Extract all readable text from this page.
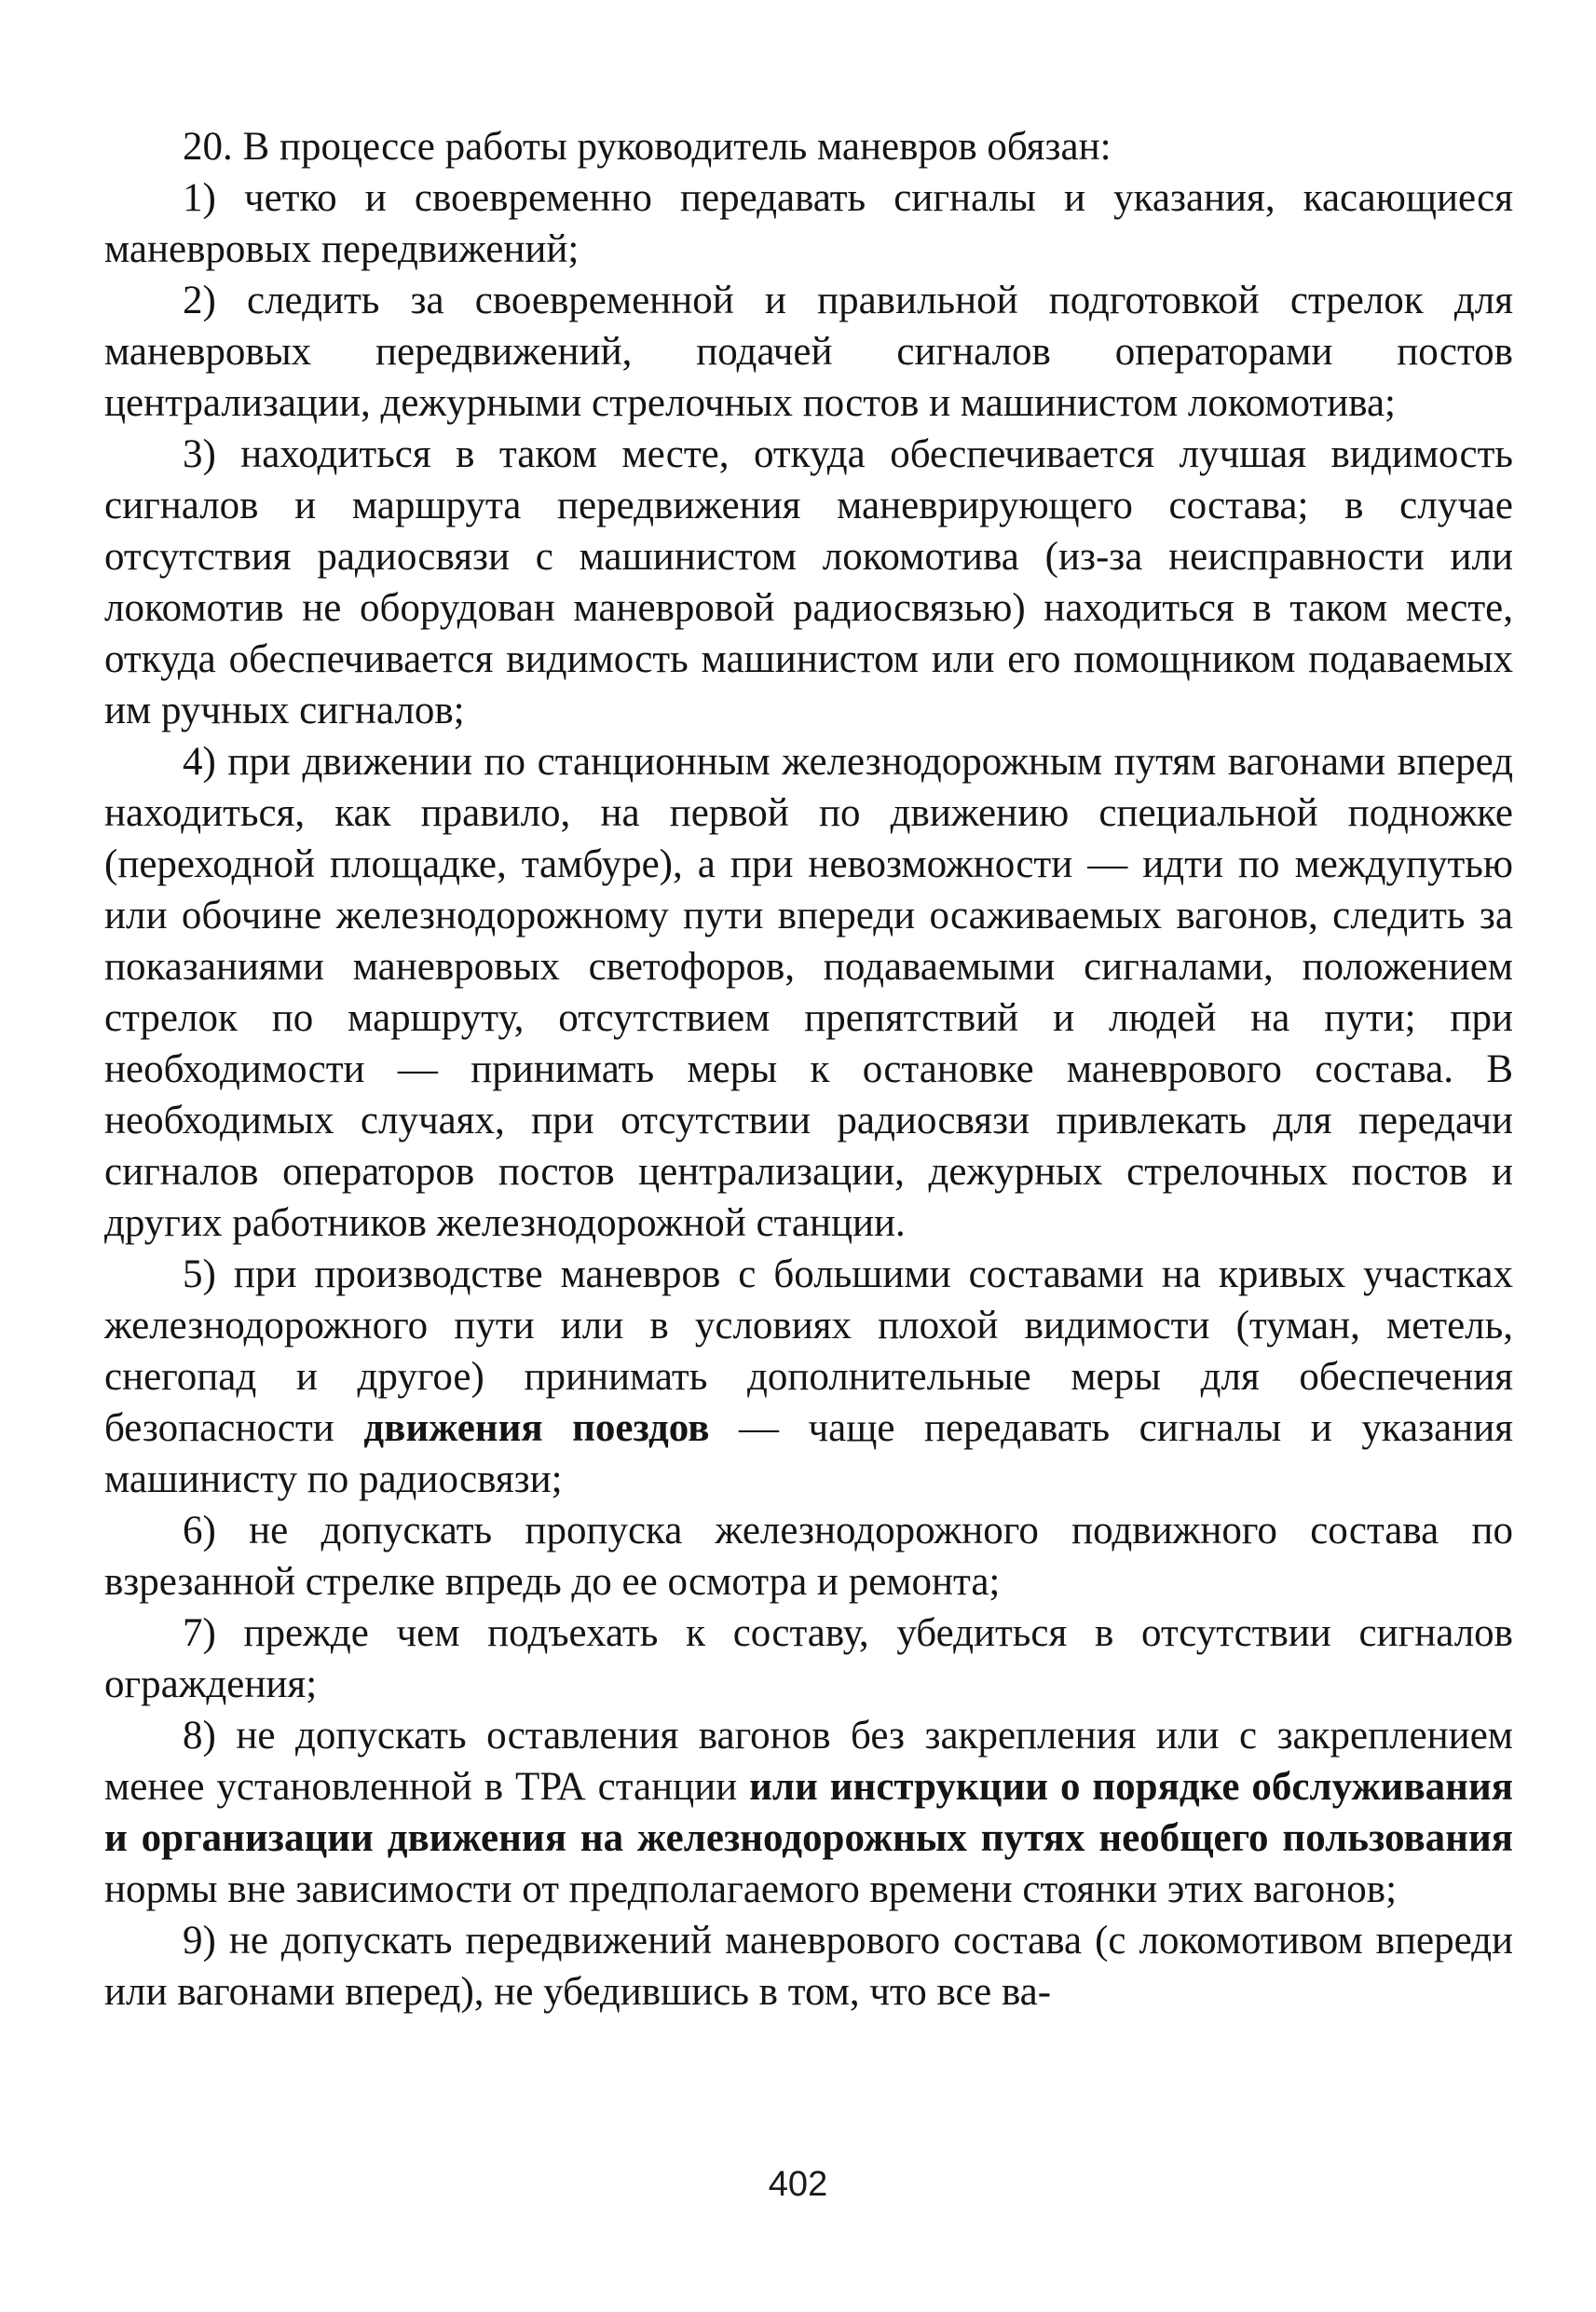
20. В процессе работы руководитель маневров обязан:

1) четко и своевременно передавать сигналы и указания, касающиеся маневровых передвижений;

2) следить за своевременной и правильной подготовкой стрелок для маневровых передвижений, подачей сигналов операторами постов централизации, дежурными стрелочных постов и машинистом локомотива;

3) находиться в таком месте, откуда обеспечивается лучшая видимость сигналов и маршрута передвижения маневрирующего состава; в случае отсутствия радиосвязи с машинистом локомотива (из-за неисправности или локомотив не оборудован маневровой радиосвязью) находиться в таком месте, откуда обеспечивается видимость машинистом или его помощником подаваемых им ручных сигналов;

4) при движении по станционным железнодорожным путям вагонами вперед находиться, как правило, на первой по движению специальной подножке (переходной площадке, тамбуре), а при невозможности — идти по междупутью или обочине железнодорожному пути впереди осаживаемых вагонов, следить за показаниями маневровых светофоров, подаваемыми сигналами, положением стрелок по маршруту, отсутствием препятствий и людей на пути; при необходимости — принимать меры к остановке маневрового состава. В необходимых случаях, при отсутствии радиосвязи привлекать для передачи сигналов операторов постов централизации, дежурных стрелочных постов и других работников железнодорожной станции.

5) при производстве маневров с большими составами на кривых участках железнодорожного пути или в условиях плохой видимости (туман, метель, снегопад и другое) принимать дополнительные меры для обеспечения безопасности движения поездов — чаще передавать сигналы и указания машинисту по радиосвязи;

6) не допускать пропуска железнодорожного подвижного состава по взрезанной стрелке впредь до ее осмотра и ремонта;

7) прежде чем подъехать к составу, убедиться в отсутствии сигналов ограждения;

8) не допускать оставления вагонов без закрепления или с закреплением менее установленной в ТРА станции или инструкции о порядке обслуживания и организации движения на железнодорожных путях необщего пользования нормы вне зависимости от предполагаемого времени стоянки этих вагонов;

9) не допускать передвижений маневрового состава (с локомотивом впереди или вагонами вперед), не убедившись в том, что все ва-

402
